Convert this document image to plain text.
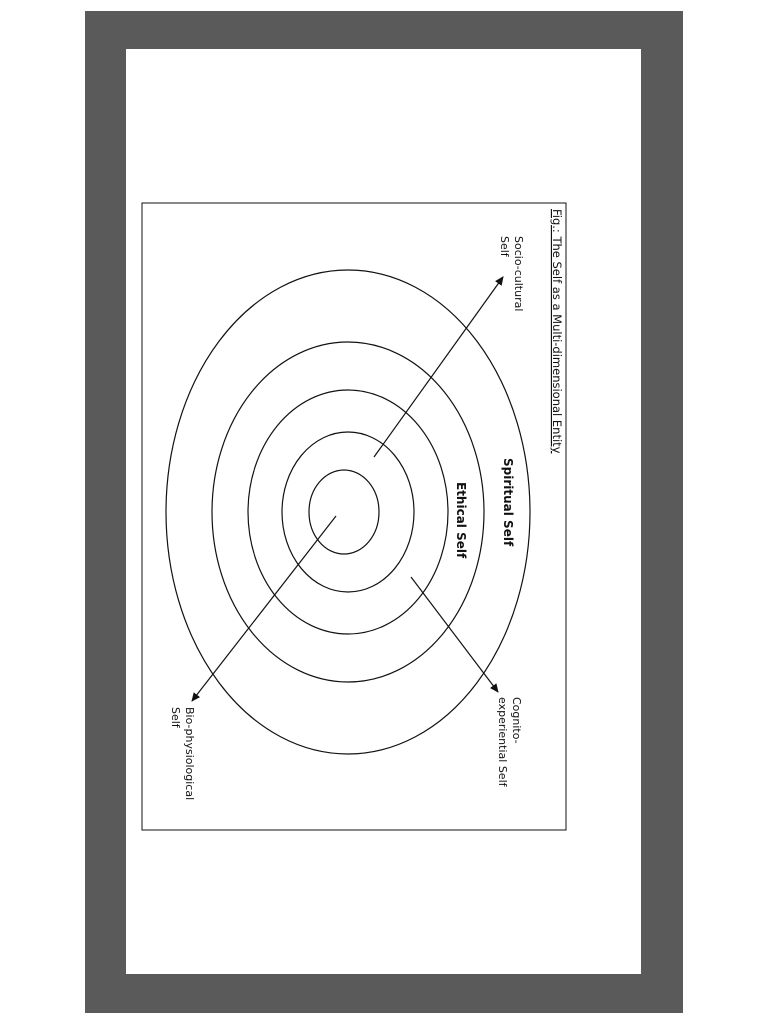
Fig.: The Self as a Multi-dimensional Entity
Spiritual Self
Ethical Self
Socio-cultural
Self
Cognito-
experiential Self
Bio-physiological
Self
